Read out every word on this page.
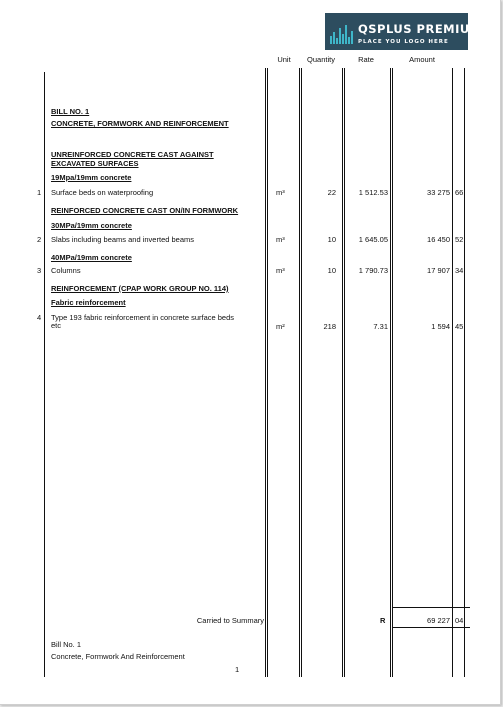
QSPLUS PREMIUM
PLACE YOU LOGO HERE
Unit	Quantity	Rate	Amount
BILL NO. 1
CONCRETE, FORMWORK AND REINFORCEMENT
UNREINFORCED CONCRETE CAST AGAINST
EXCAVATED SURFACES
19Mpa/19mm concrete
1 Surface beds on waterproofing	m³	22	1 512.53	33 275 66
REINFORCED CONCRETE CAST ON/IN FORMWORK
30MPa/19mm concrete
2 Slabs including beams and inverted beams	m³	10	1 645.05	16 450 52
40MPa/19mm concrete
3 Columns	m³	10	1 790.73	17 907 34
REINFORCEMENT (CPAP WORK GROUP NO. 114)
Fabric reinforcement
4 Type 193 fabric reinforcement in concrete surface beds
etc	m²	218	7.31	1 594 45
Carried to Summary	R	69 227 04
Bill No. 1
Concrete, Formwork And Reinforcement
1
